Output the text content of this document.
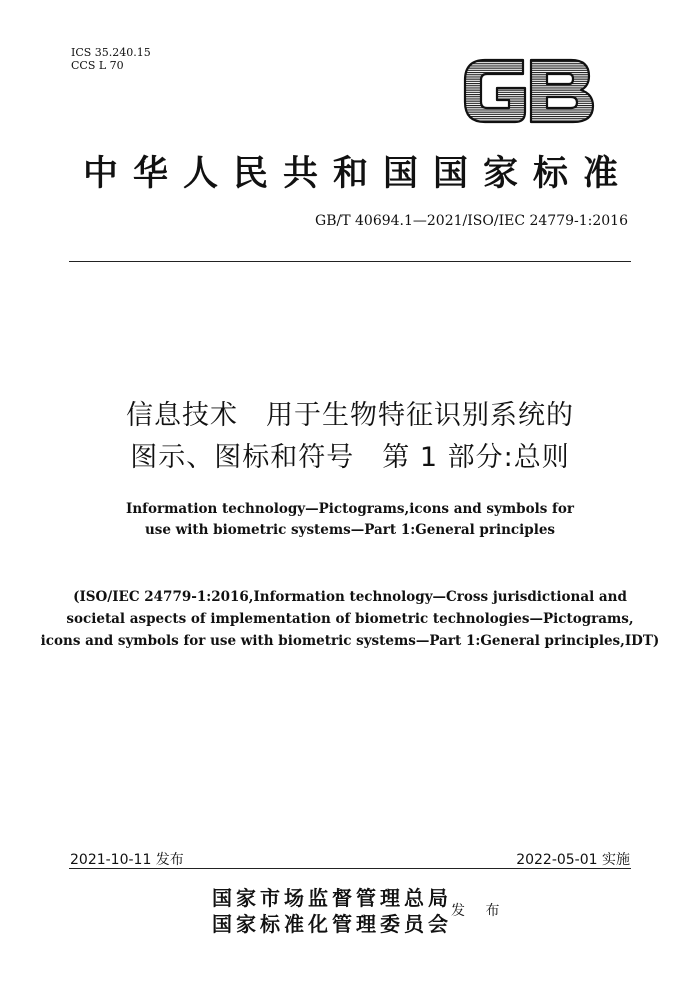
ICS 35.240.15
CCS L 70
中华人民共和国国家标准
GB/T 40694.1—2021/ISO/IEC 24779-1:2016
信息技术　用于生物特征识别系统的
图示、图标和符号　第 1 部分:总则
Information technology—Pictograms,icons and symbols for
use with biometric systems—Part 1:General principles
(ISO/IEC 24779-1:2016,Information technology—Cross jurisdictional and
societal aspects of implementation of biometric technologies—Pictograms,
icons and symbols for use with biometric systems—Part 1:General principles,IDT)
2021-10-11 发布	2022-05-01 实施
国家市场监督管理总局
国家标准化管理委员会
发 布
